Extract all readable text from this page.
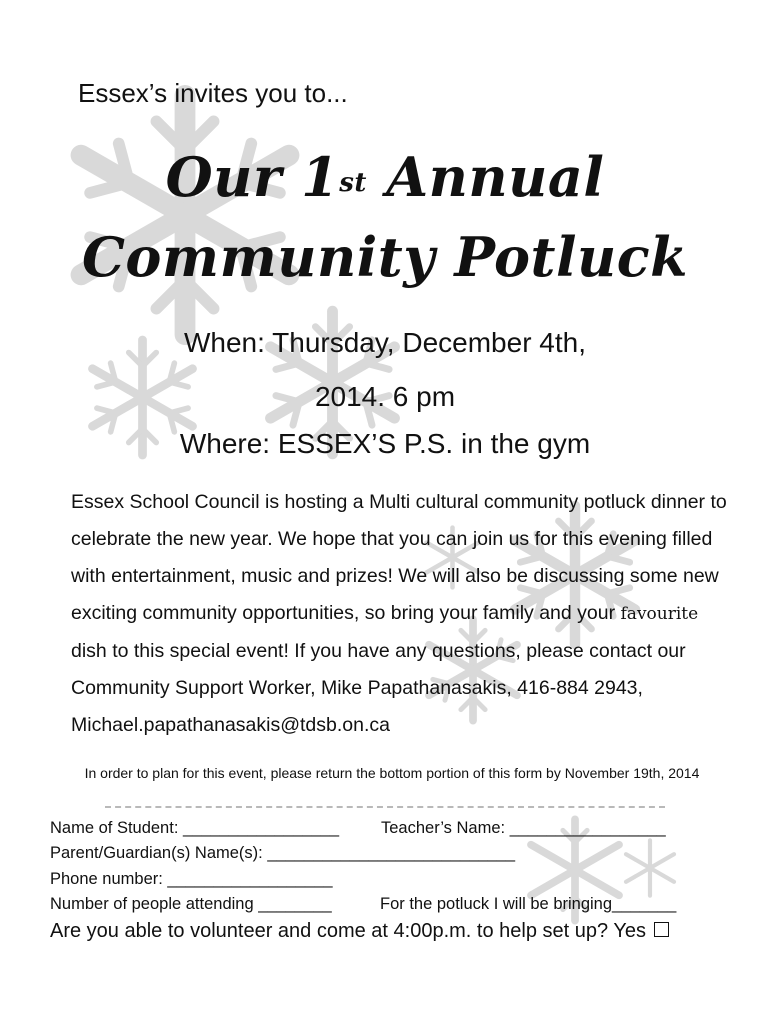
Essex’s invites you to...
Our 1st Annual
Community Potluck
When: Thursday, December 4th,
2014. 6 pm
Where: ESSEX’S P.S. in the gym
Essex School Council is hosting a Multi cultural community potluck dinner to celebrate the new year. We hope that you can join us for this evening filled with entertainment, music and prizes! We will also be discussing some new exciting community opportunities, so bring your family and your favourite dish to this special event! If you have any questions, please contact our Community Support Worker, Mike Papathanasakis, 416-884 2943, Michael.papathanasakis@tdsb.on.ca
In order to plan for this event, please return the bottom portion of this form by November 19th, 2014
Name of Student: _________________	Teacher’s Name: _________________
Parent/Guardian(s) Name(s): ___________________________
Phone number: __________________
Number of people attending ________	For the potluck I will be bringing_______
Are you able to volunteer and come at 4:00p.m. to help set up? Yes
